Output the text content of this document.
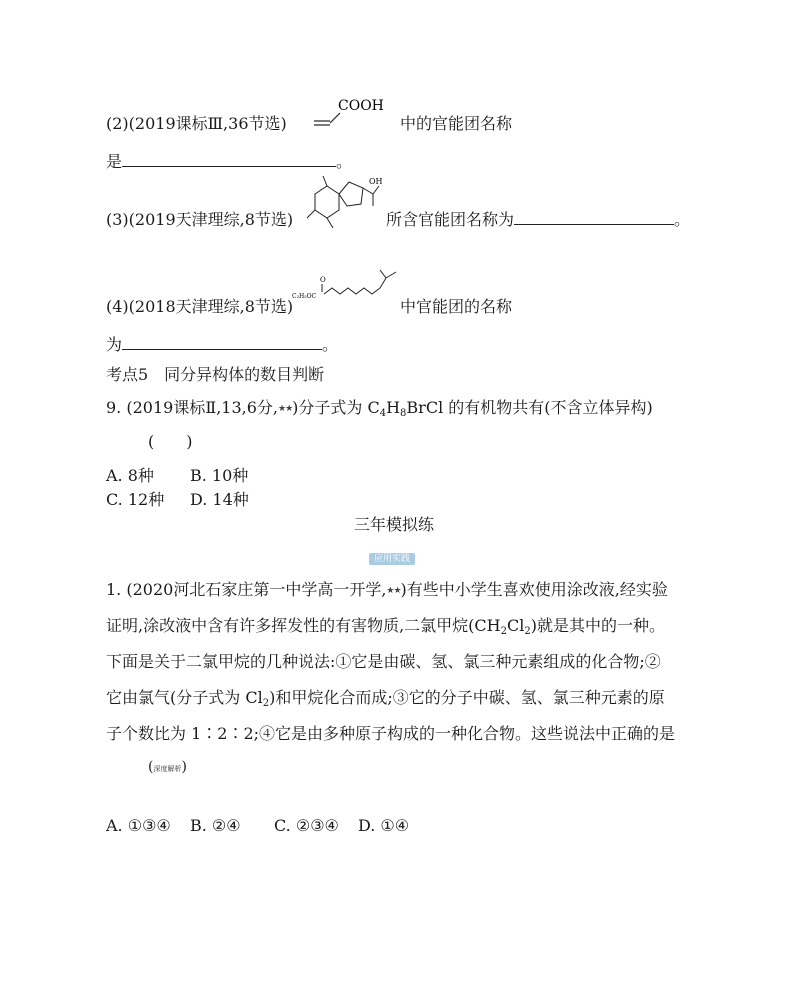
(2)(2019课标Ⅲ,36节选)
COOH
中的官能团名称
是	。
(3)(2019天津理综,8节选)
OH
所含官能团名称为	。
(4)(2018天津理综,8节选)
C₂H₅OC
O
中官能团的名称
为	。
考点5　同分异构体的数目判断
9. (2019课标Ⅱ,13,6分,★★)分子式为 $C_4H_8BrCl$ 的有机物共有(不含立体异构)
(　　)
A. 8种 B. 10种
C. 12种 D. 14种
三年模拟练
应用实践
1. (2020河北石家庄第一中学高一开学,★★)有些中小学生喜欢使用涂改液,经实验
证明,涂改液中含有许多挥发性的有害物质,二氯甲烷$(CH_2Cl_2)$就是其中的一种。
下面是关于二氯甲烷的几种说法:①它是由碳、氢、氯三种元素组成的化合物;②
它由氯气(分子式为 $Cl_2$)和甲烷化合而成;③它的分子中碳、氢、氯三种元素的原
子个数比为 1∶2∶2;④它是由多种原子构成的一种化合物。这些说法中正确的是
(深度解析)
A. ①③④ B. ②④ C. ②③④ D. ①④
